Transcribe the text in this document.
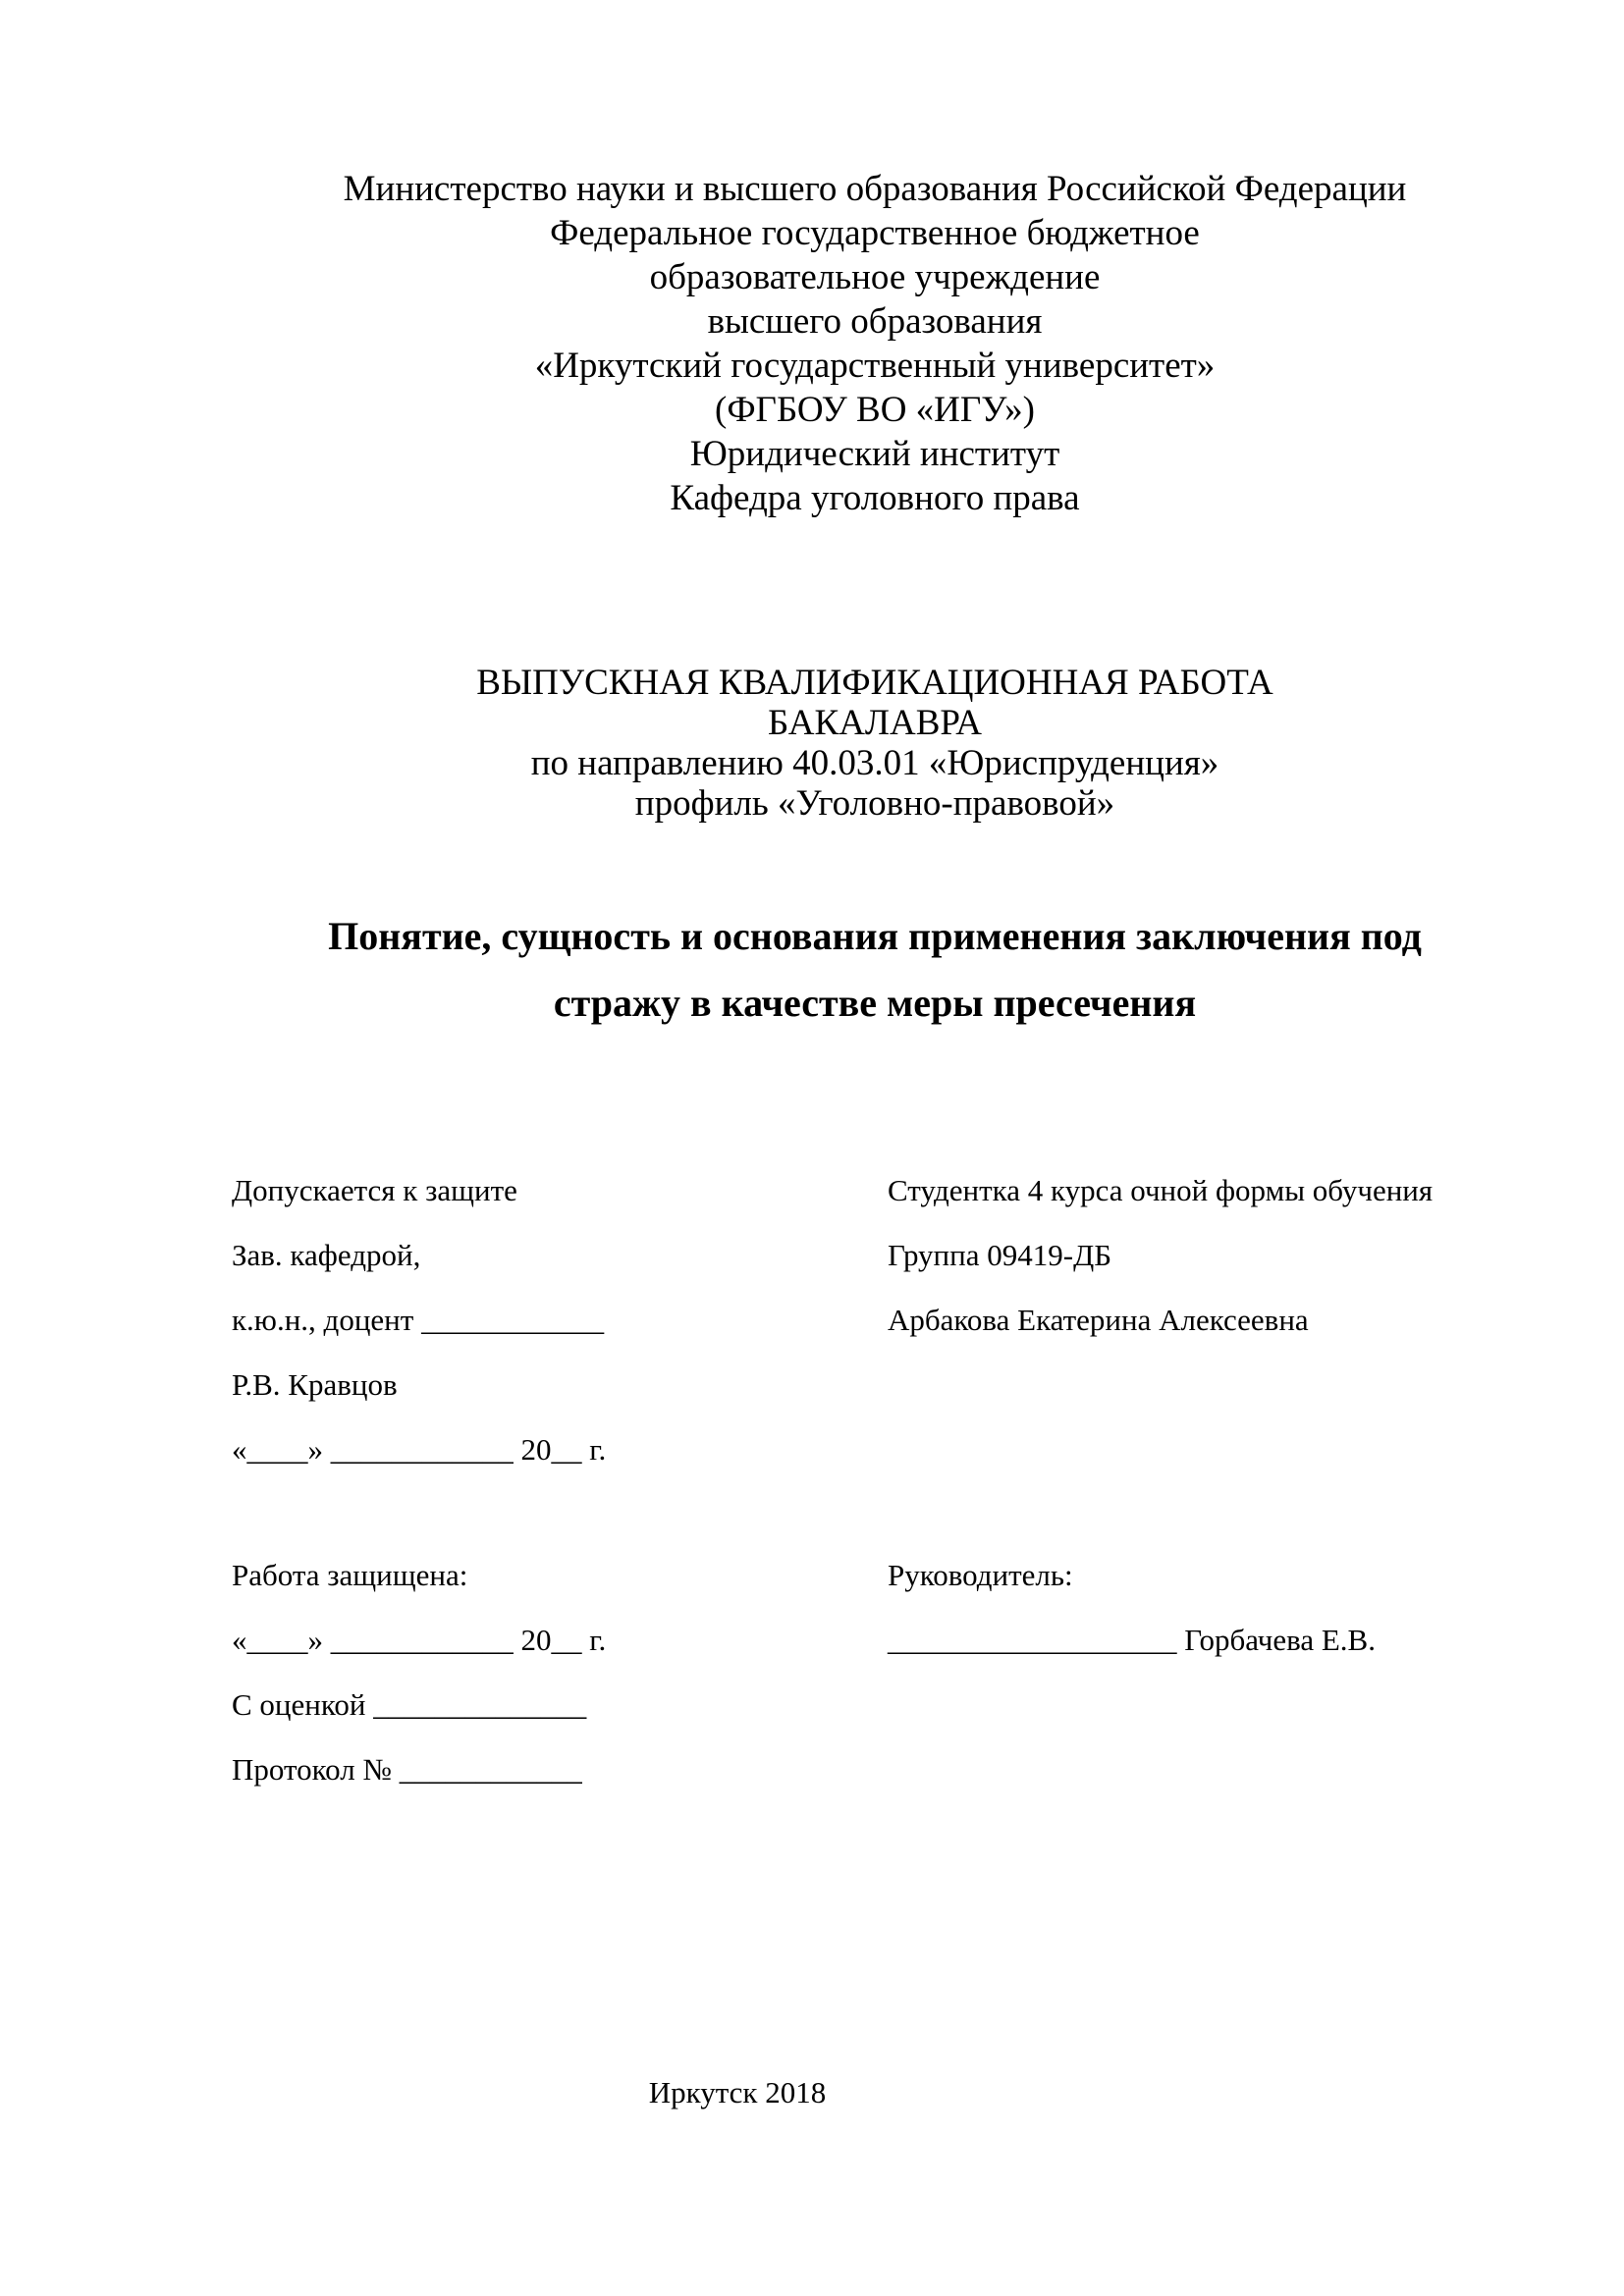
Министерство науки и высшего образования Российской Федерации
Федеральное государственное бюджетное
образовательное учреждение
высшего образования
«Иркутский государственный университет»
(ФГБОУ ВО «ИГУ»)
Юридический институт
Кафедра уголовного права
ВЫПУСКНАЯ КВАЛИФИКАЦИОННАЯ РАБОТА
БАКАЛАВРА
по направлению 40.03.01 «Юриспруденция»
профиль «Уголовно-правовой»
Понятие, сущность и основания применения заключения под
стражу в качестве меры пресечения
Допускается к защите
Зав. кафедрой,
к.ю.н., доцент ____________
Р.В. Кравцов
«____» ____________ 20__ г.
Студентка 4 курса очной формы обучения
Группа 09419-ДБ
Арбакова Екатерина Алексеевна
Работа защищена:
«____» ____________ 20__ г.
С оценкой ______________
Протокол № ____________
Руководитель:
___________________ Горбачева Е.В.
Иркутск 2018
